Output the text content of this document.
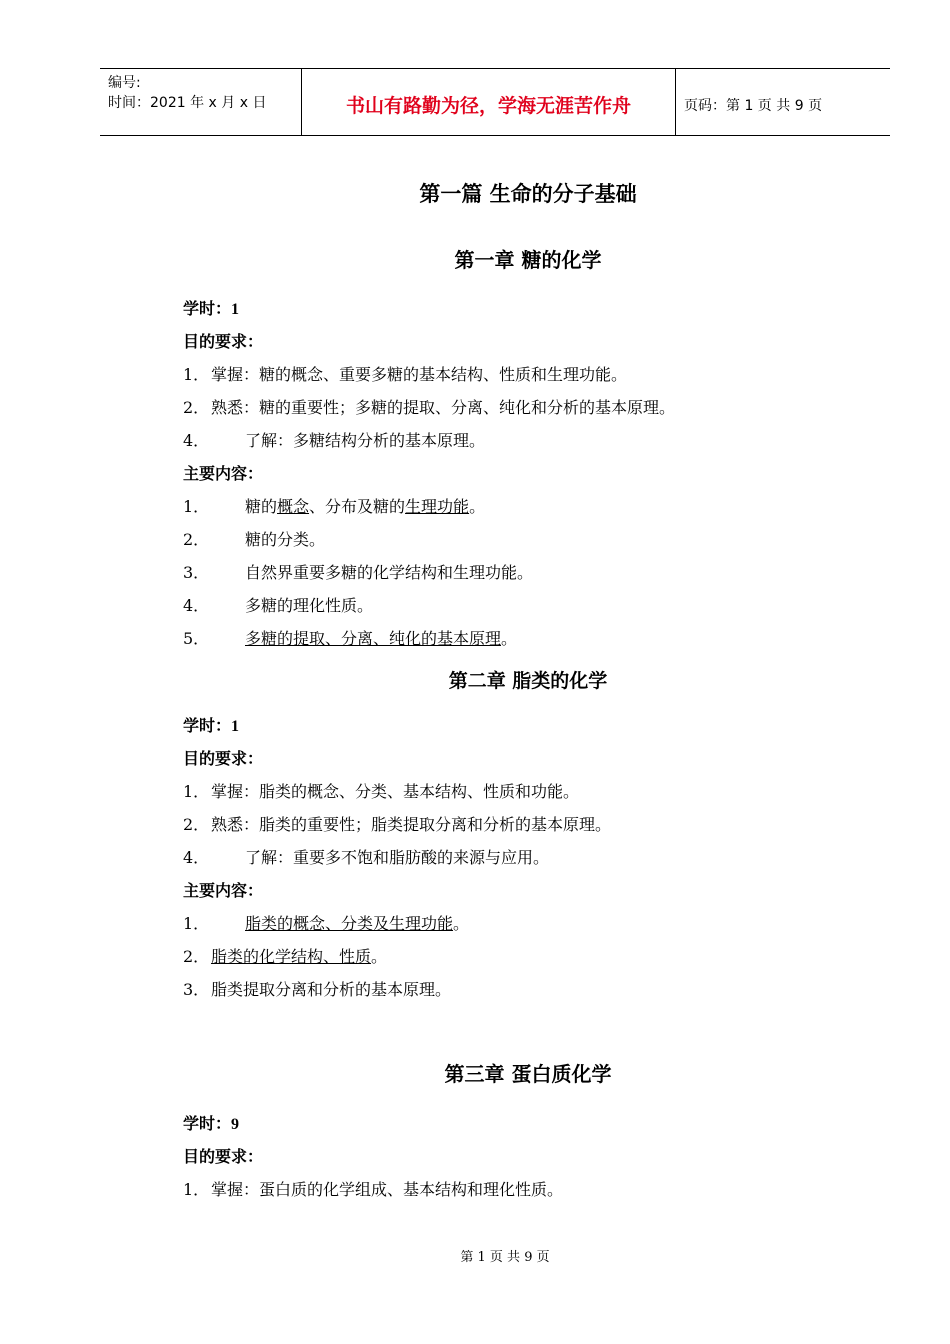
编号:
时间：2021 年 x 月 x 日	书山有路勤为径，学海无涯苦作舟	页码：第 1 页 共 9 页
第一篇 生命的分子基础
第一章 糖的化学
学时：1
目的要求：
1． 掌握：糖的概念、重要多糖的基本结构、性质和生理功能。
2． 熟悉：糖的重要性；多糖的提取、分离、纯化和分析的基本原理。
4． 了解：多糖结构分析的基本原理。
主要内容：
1． 糖的概念、分布及糖的生理功能。
2． 糖的分类。
3． 自然界重要多糖的化学结构和生理功能。
4． 多糖的理化性质。
5． 多糖的提取、分离、纯化的基本原理。
第二章 脂类的化学
学时：1
目的要求：
1． 掌握：脂类的概念、分类、基本结构、性质和功能。
2． 熟悉：脂类的重要性；脂类提取分离和分析的基本原理。
4． 了解：重要多不饱和脂肪酸的来源与应用。
主要内容：
1． 脂类的概念、分类及生理功能。
2． 脂类的化学结构、性质。
3． 脂类提取分离和分析的基本原理。
第三章 蛋白质化学
学时：9
目的要求：
1． 掌握：蛋白质的化学组成、基本结构和理化性质。
第 1 页 共 9 页
